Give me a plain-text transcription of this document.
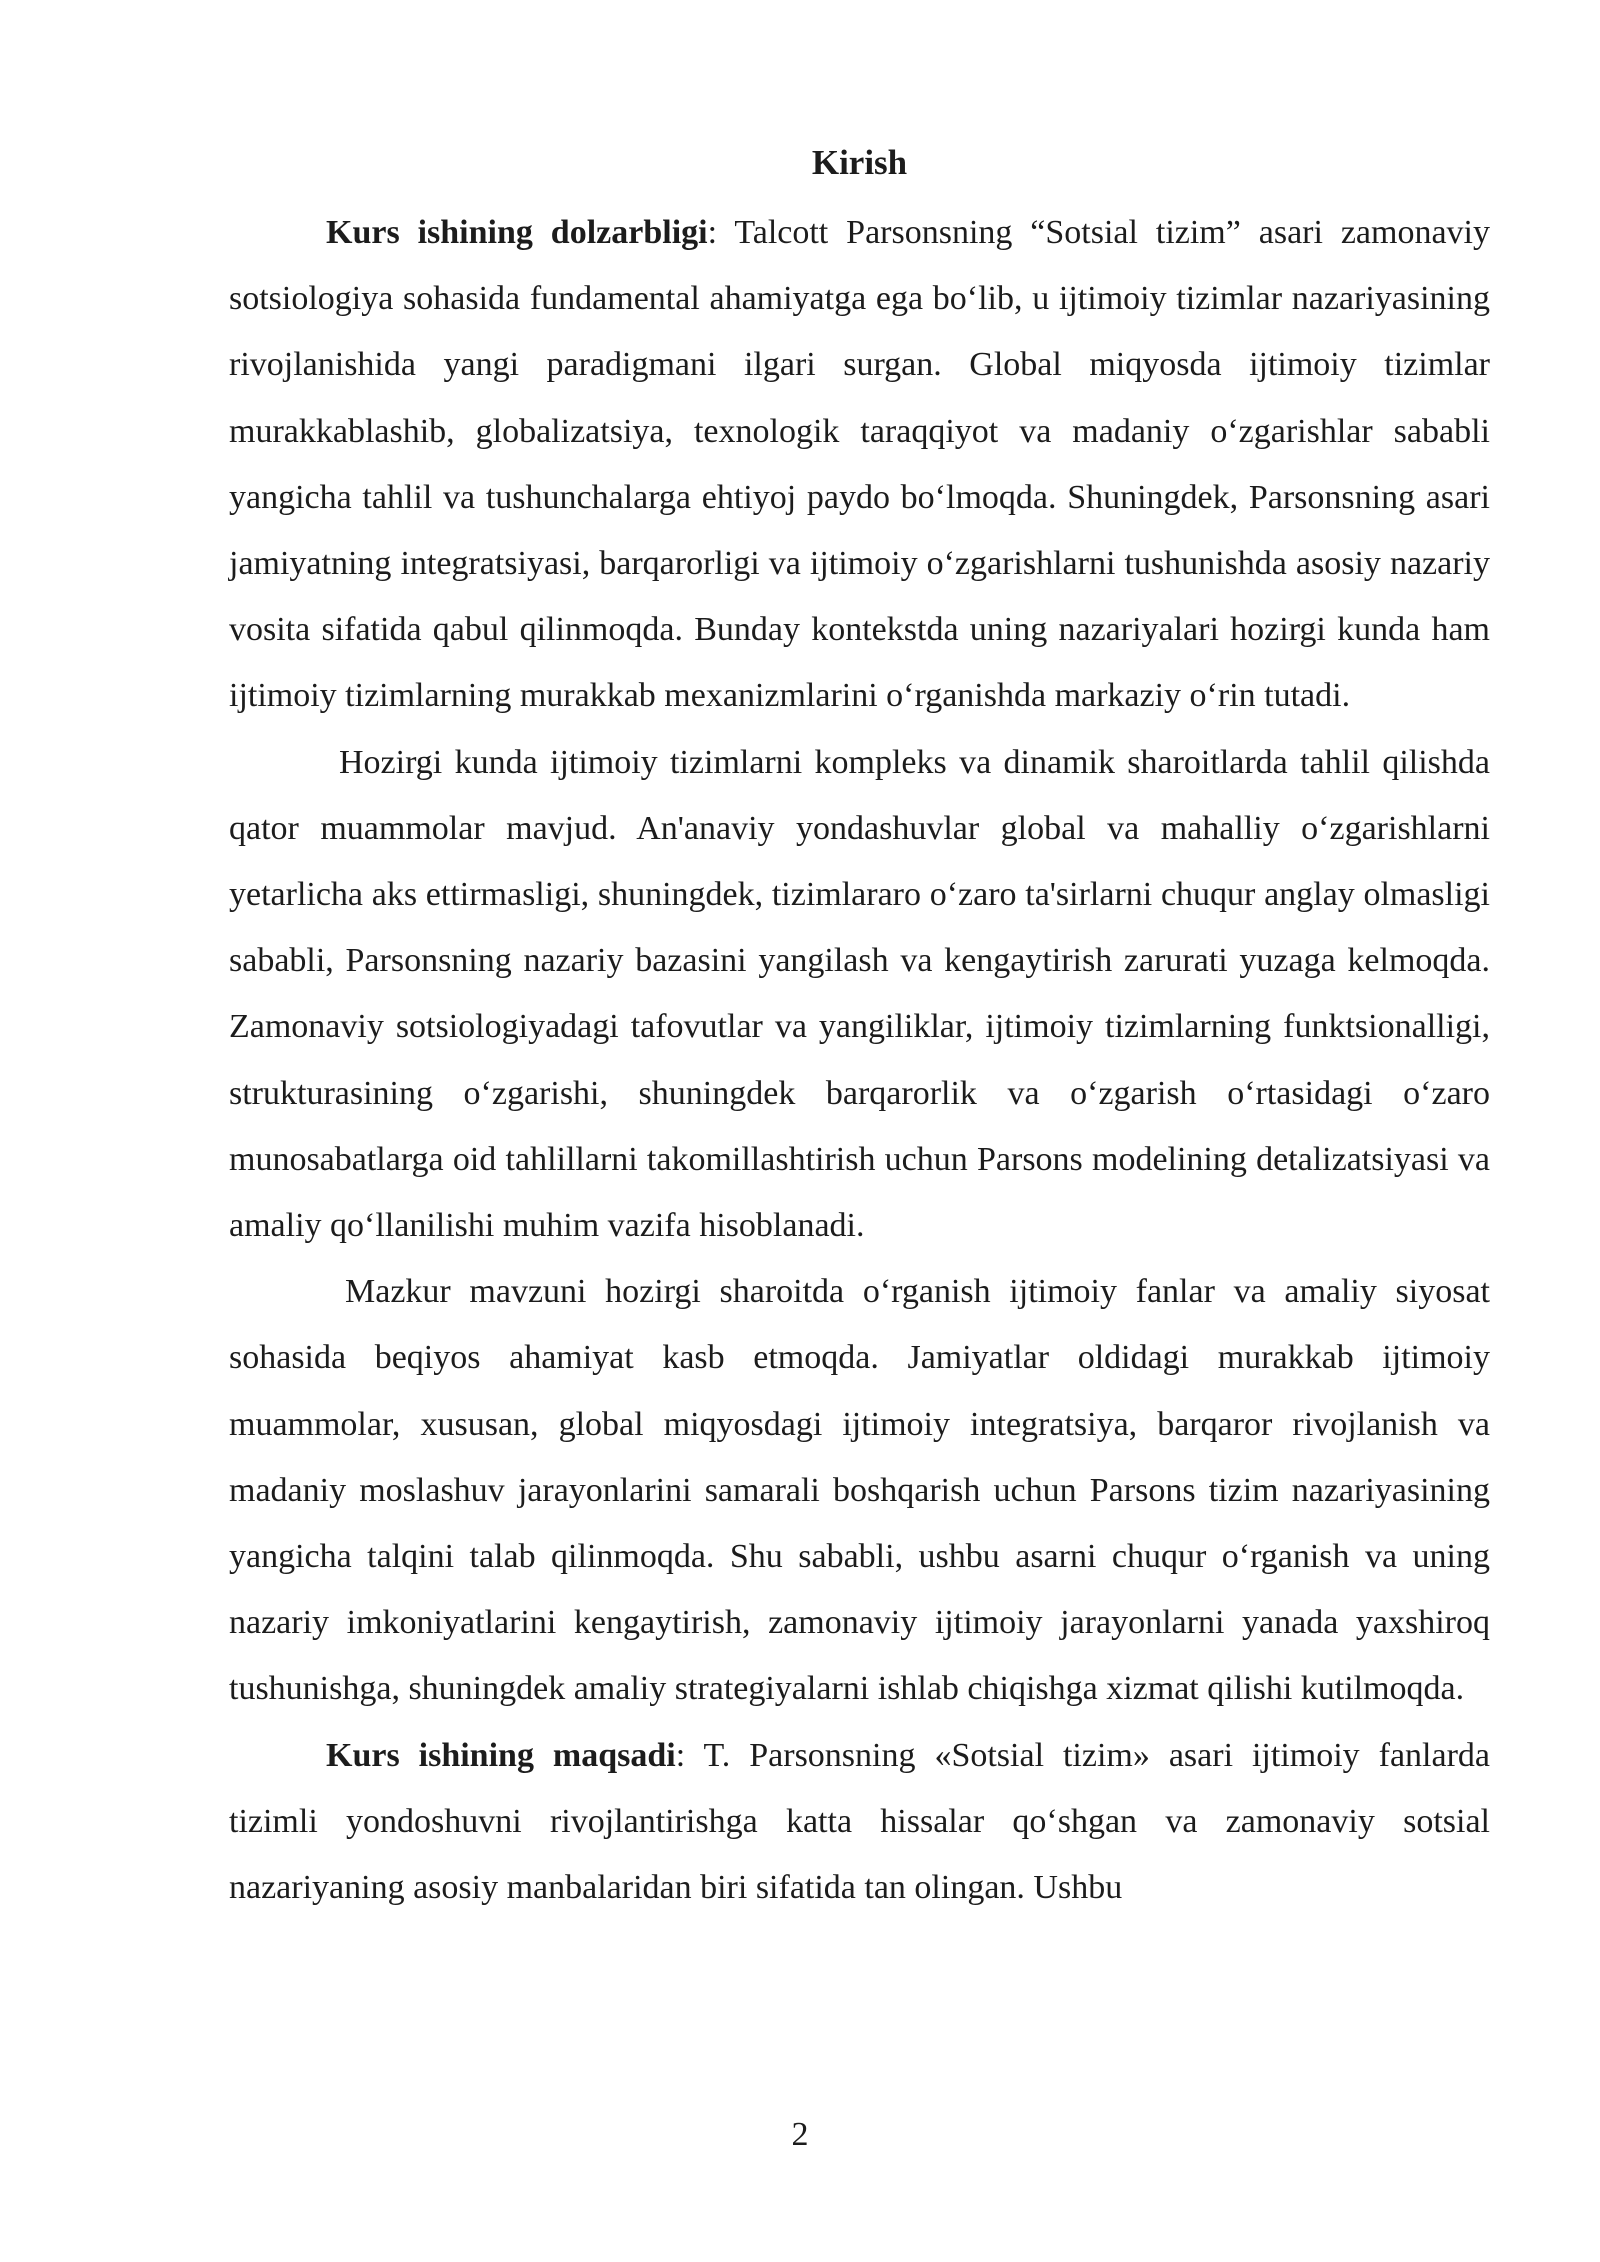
Kirish

Kurs ishining dolzarbligi: Talcott Parsonsning “Sotsial tizim” asari zamonaviy sotsiologiya sohasida fundamental ahamiyatga ega bo‘lib, u ijtimoiy tizimlar nazariyasining rivojlanishida yangi paradigmani ilgari surgan. Global miqyosda ijtimoiy tizimlar murakkablashib, globalizatsiya, texnologik taraqqiyot va madaniy o‘zgarishlar sababli yangicha tahlil va tushunchalarga ehtiyoj paydo bo‘lmoqda. Shuningdek, Parsonsning asari jamiyatning integratsiyasi, barqarorligi va ijtimoiy o‘zgarishlarni tushunishda asosiy nazariy vosita sifatida qabul qilinmoqda. Bunday kontekstda uning nazariyalari hozirgi kunda ham ijtimoiy tizimlarning murakkab mexanizmlarini o‘rganishda markaziy o‘rin tutadi.

Hozirgi kunda ijtimoiy tizimlarni kompleks va dinamik sharoitlarda tahlil qilishda qator muammolar mavjud. An'anaviy yondashuvlar global va mahalliy o‘zgarishlarni yetarlicha aks ettirmasligi, shuningdek, tizimlararo o‘zaro ta'sirlarni chuqur anglay olmasligi sababli, Parsonsning nazariy bazasini yangilash va kengaytirish zarurati yuzaga kelmoqda. Zamonaviy sotsiologiyadagi tafovutlar va yangiliklar, ijtimoiy tizimlarning funktsionalligi, strukturasining o‘zgarishi, shuningdek barqarorlik va o‘zgarish o‘rtasidagi o‘zaro munosabatlarga oid tahlillarni takomillashtirish uchun Parsons modelining detalizatsiyasi va amaliy qo‘llanilishi muhim vazifa hisoblanadi.

Mazkur mavzuni hozirgi sharoitda o‘rganish ijtimoiy fanlar va amaliy siyosat sohasida beqiyos ahamiyat kasb etmoqda. Jamiyatlar oldidagi murakkab ijtimoiy muammolar, xususan, global miqyosdagi ijtimoiy integratsiya, barqaror rivojlanish va madaniy moslashuv jarayonlarini samarali boshqarish uchun Parsons tizim nazariyasining yangicha talqini talab qilinmoqda. Shu sababli, ushbu asarni chuqur o‘rganish va uning nazariy imkoniyatlarini kengaytirish, zamonaviy ijtimoiy jarayonlarni yanada yaxshiroq tushunishga, shuningdek amaliy strategiyalarni ishlab chiqishga xizmat qilishi kutilmoqda.

Kurs ishining maqsadi: T. Parsonsning «Sotsial tizim» asari ijtimoiy fanlarda tizimli yondoshuvni rivojlantirishga katta hissalar qo‘shgan va zamonaviy sotsial nazariyaning asosiy manbalaridan biri sifatida tan olingan. Ushbu

2
